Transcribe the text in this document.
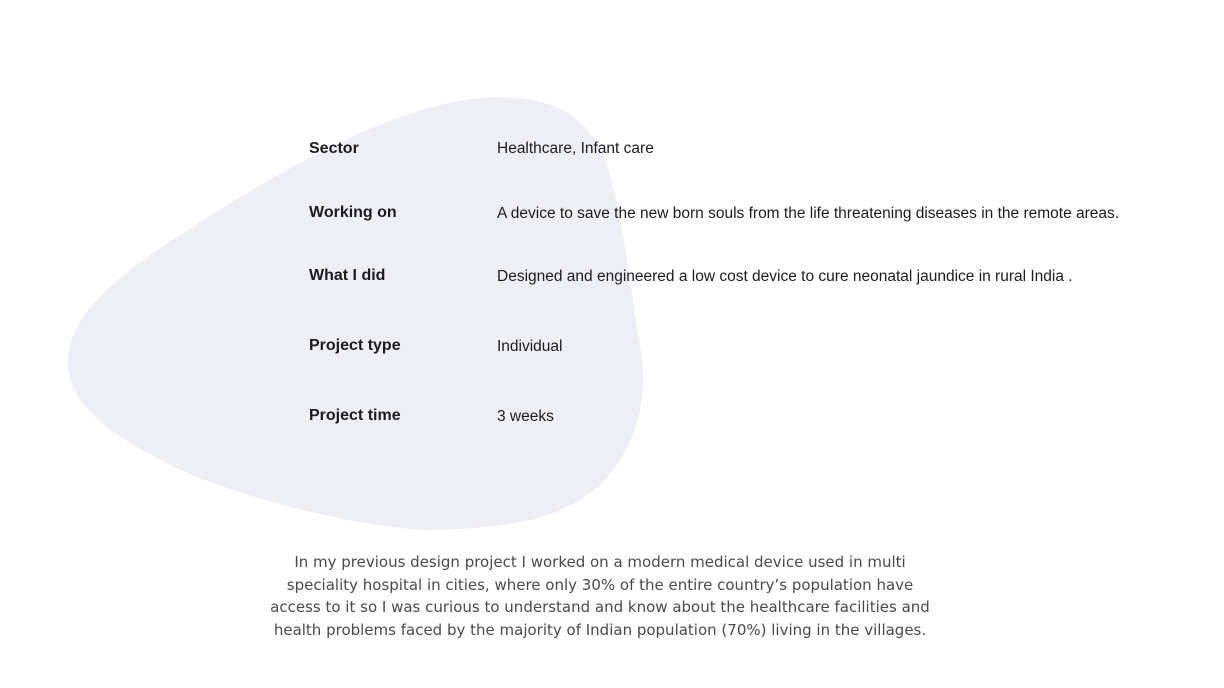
Sector	Healthcare, Infant care
Working on	A device to save the new born souls from the life threatening diseases in the remote areas.
What I did	Designed and engineered a low cost device to cure neonatal jaundice in rural India .
Project type	Individual
Project time	3 weeks

In my previous design project I worked on a modern medical device used in multi speciality hospital in cities, where only 30% of the entire country’s population have access to it so I was curious to understand and know about the healthcare facilities and health problems faced by the majority of Indian population (70%) living in the villages.
